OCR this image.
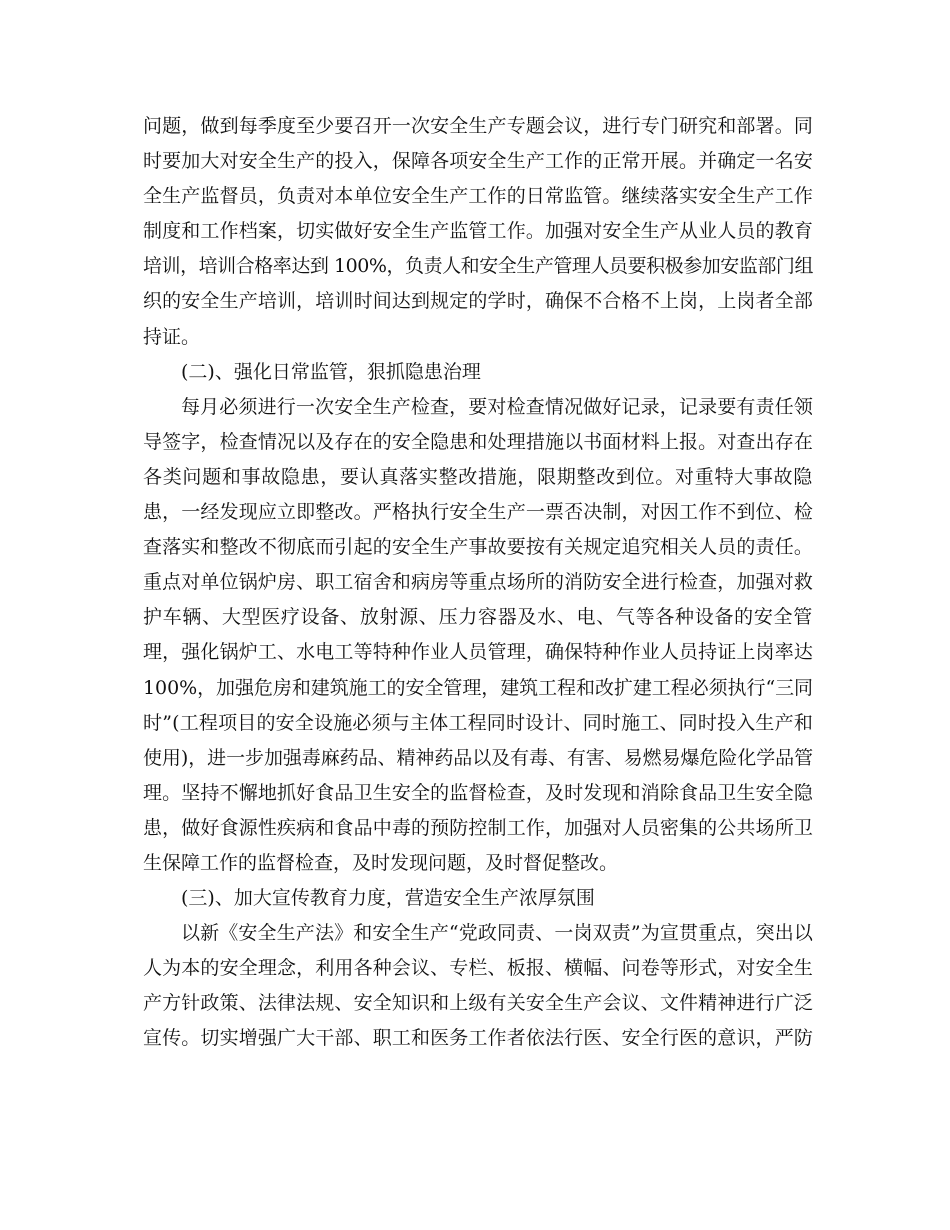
问题，做到每季度至少要召开一次安全生产专题会议，进行专门研究和部署。同
时要加大对安全生产的投入，保障各项安全生产工作的正常开展。并确定一名安
全生产监督员，负责对本单位安全生产工作的日常监管。继续落实安全生产工作
制度和工作档案，切实做好安全生产监管工作。加强对安全生产从业人员的教育
培训，培训合格率达到 100%，负责人和安全生产管理人员要积极参加安监部门组
织的安全生产培训，培训时间达到规定的学时，确保不合格不上岗，上岗者全部
持证。
(二)、强化日常监管，狠抓隐患治理
每月必须进行一次安全生产检查，要对检查情况做好记录，记录要有责任领
导签字，检查情况以及存在的安全隐患和处理措施以书面材料上报。对查出存在
各类问题和事故隐患，要认真落实整改措施，限期整改到位。对重特大事故隐
患，一经发现应立即整改。严格执行安全生产一票否决制，对因工作不到位、检
查落实和整改不彻底而引起的安全生产事故要按有关规定追究相关人员的责任。
重点对单位锅炉房、职工宿舍和病房等重点场所的消防安全进行检查，加强对救
护车辆、大型医疗设备、放射源、压力容器及水、电、气等各种设备的安全管
理，强化锅炉工、水电工等特种作业人员管理，确保特种作业人员持证上岗率达
100%，加强危房和建筑施工的安全管理，建筑工程和改扩建工程必须执行“三同
时”(工程项目的安全设施必须与主体工程同时设计、同时施工、同时投入生产和
使用)，进一步加强毒麻药品、精神药品以及有毒、有害、易燃易爆危险化学品管
理。坚持不懈地抓好食品卫生安全的监督检查，及时发现和消除食品卫生安全隐
患，做好食源性疾病和食品中毒的预防控制工作，加强对人员密集的公共场所卫
生保障工作的监督检查，及时发现问题，及时督促整改。
(三)、加大宣传教育力度，营造安全生产浓厚氛围
以新《安全生产法》和安全生产“党政同责、一岗双责”为宣贯重点，突出以
人为本的安全理念，利用各种会议、专栏、板报、横幅、问卷等形式，对安全生
产方针政策、法律法规、安全知识和上级有关安全生产会议、文件精神进行广泛
宣传。切实增强广大干部、职工和医务工作者依法行医、安全行医的意识，严防
